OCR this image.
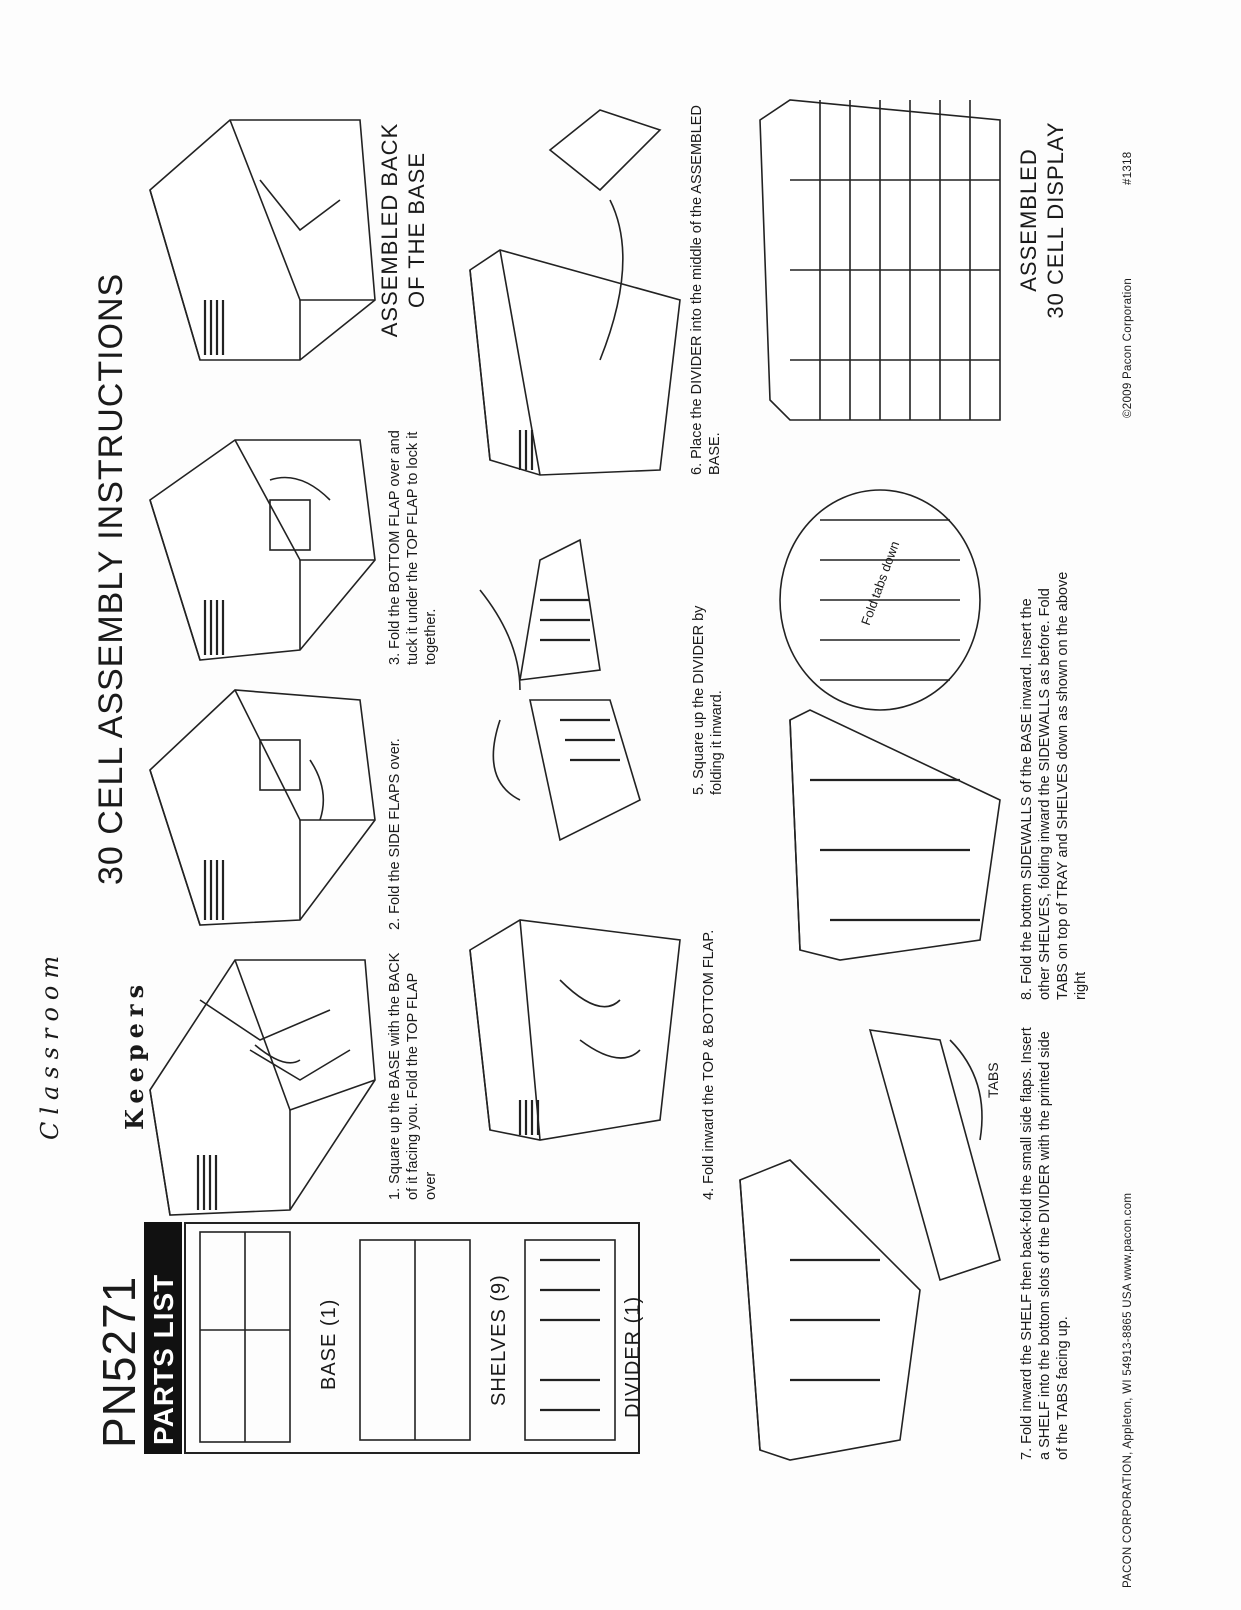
PN5271 PARTS LIST	BASE (1)	SHELVES (9)	DIVIDER (1)
Classroom Keepers
30 CELL ASSEMBLY INSTRUCTIONS
1. Square up the BASE with the BACK of it facing you. Fold the TOP FLAP over
2. Fold the SIDE FLAPS over.
3. Fold the BOTTOM FLAP over and tuck it under the TOP FLAP to lock it together.
ASSEMBLED BACK OF THE BASE
4. Fold inward the TOP & BOTTOM FLAP.
5. Square up the DIVIDER by folding it inward.
6. Place the DIVIDER into the middle of the ASSEMBLED BASE.
7. Fold inward the SHELF then back-fold the small side flaps. Insert a SHELF into the bottom slots of the DIVIDER with the printed side of the TABS facing up.
8. Fold the bottom SIDEWALLS of the BASE inward. Insert the other SHELVES, folding inward the SIDEWALLS as before. Fold TABS on top of TRAY and SHELVES down as shown on the above right
ASSEMBLED 30 CELL DISPLAY
TABS
Fold tabs down
PACON CORPORATION, Appleton, WI 54913-8865 USA www.pacon.com
©2009 Pacon Corporation
#1318
